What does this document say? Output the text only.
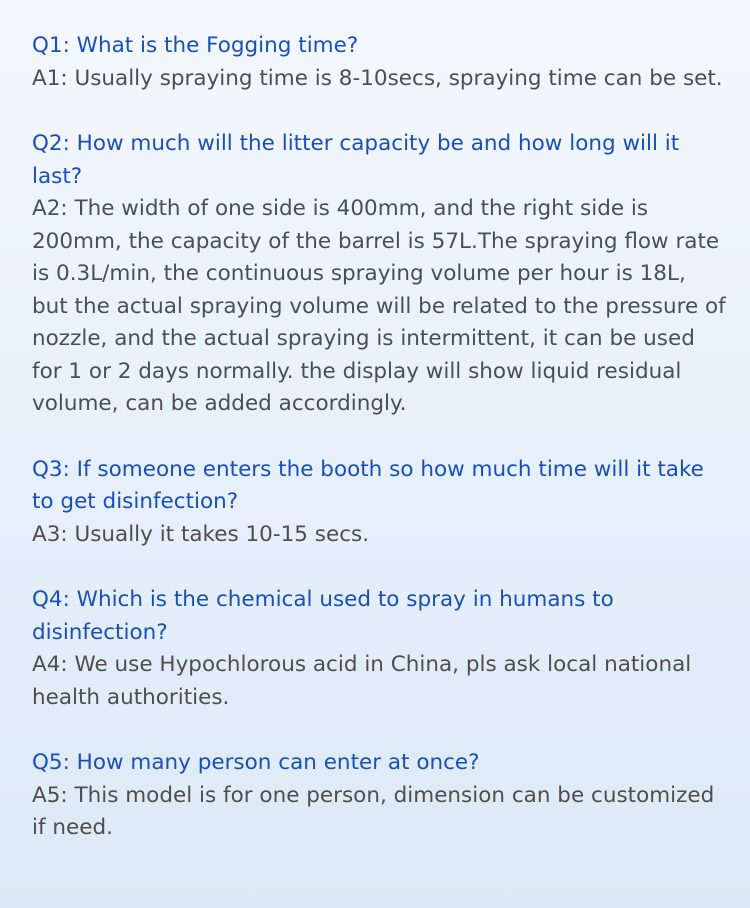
Q1: What is the Fogging time?

A1: Usually spraying time is 8-10secs, spraying time can be set.

Q2: How much will the litter capacity be and how long will it last?

A2: The width of one side is 400mm, and the right side is 200mm, the capacity of the barrel is 57L.The spraying flow rate is 0.3L/min, the continuous spraying volume per hour is 18L, but the actual spraying volume will be related to the pressure of nozzle, and the actual spraying is intermittent, it can be used for 1 or 2 days normally. the display will show liquid residual volume, can be added accordingly.

Q3: If someone enters the booth so how much time will it take to get disinfection?

A3: Usually it takes 10-15 secs.

Q4: Which is the chemical used to spray in humans to disinfection?

A4: We use Hypochlorous acid in China, pls ask local national health authorities.

Q5: How many person can enter at once?

A5: This model is for one person, dimension can be customized if need.
